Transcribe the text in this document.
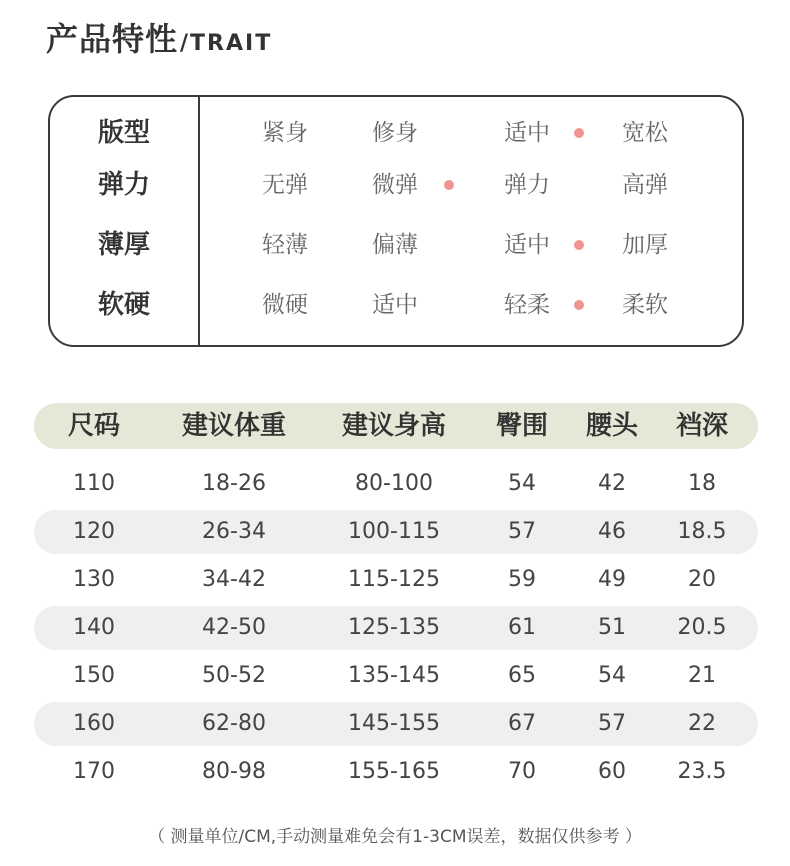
产品特性 /TRAIT
版型	紧身	修身	适中	宽松
弹力	无弹	微弹	弹力	高弹
薄厚	轻薄	偏薄	适中	加厚
软硬	微硬	适中	轻柔	柔软
尺码 建议体重 建议身高 臀围 腰头 裆深
110	18-26	80-100	54	42	18
120	26-34	100-115	57	46 18.5
130	34-42	115-125	59	49	20
140	42-50	125-135	61	51 20.5
150	50-52	135-145	65	54	21
160	62-80	145-155	67	57	22
170	80-98	155-165	70	60 23.5
（ 测量单位/CM,手动测量难免会有1-3CM误差，数据仅供参考 ）
